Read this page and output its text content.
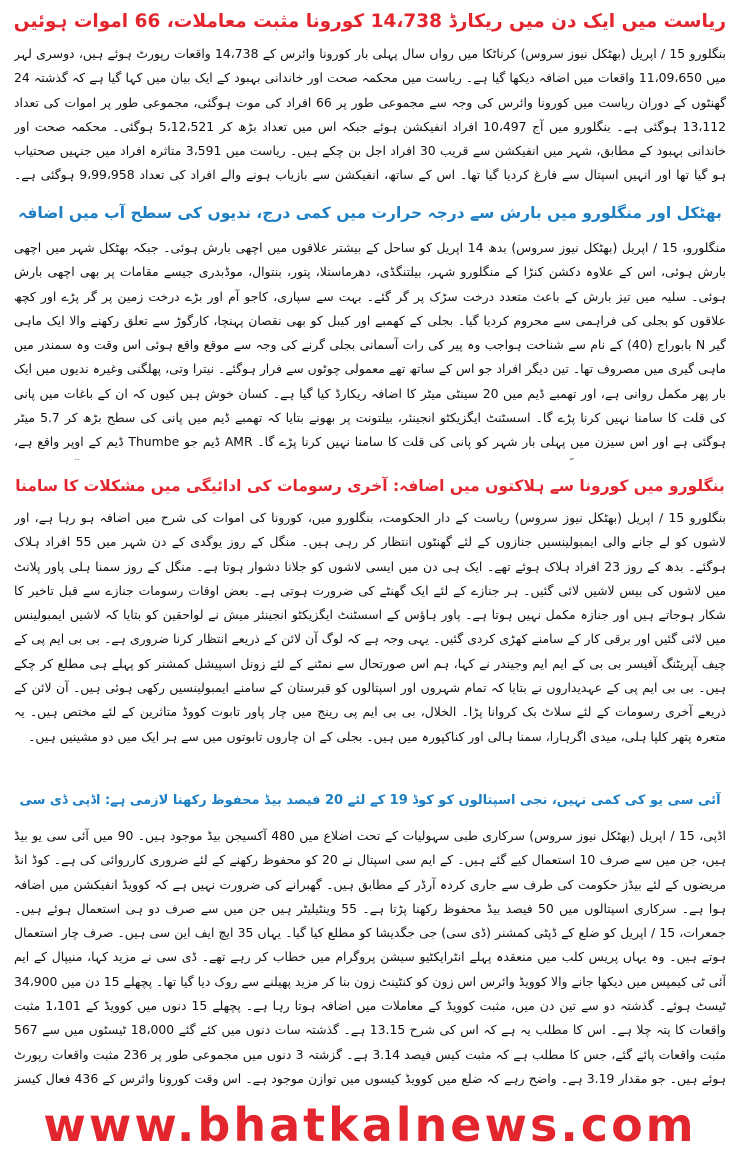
ریاست میں ایک دن میں ریکارڈ 14،738 کورونا مثبت معاملات، 66 اموات ہوئیں

بنگلورو 15 / اپریل (بھٹکل نیوز سروس) کرناٹکا میں رواں سال پہلی بار کورونا وائرس کے 14،738 واقعات رپورٹ ہوئے ہیں، دوسری لہر میں 11،09،650 واقعات میں اضافہ دیکھا گیا ہے۔ ریاست میں محکمہ صحت اور خاندانی بہبود کے ایک بیان میں کہا گیا ہے کہ گذشتہ 24 گھنٹوں کے دوران ریاست میں کورونا وائرس کی وجہ سے مجموعی طور پر 66 افراد کی موت ہوگئی، مجموعی طور پر اموات کی تعداد 13،112 ہوگئی ہے۔ بنگلورو میں آج 10،497 افراد انفیکشن ہوئے جبکہ اس میں تعداد بڑھ کر 5،12،521 ہوگئی۔ محکمہ صحت اور خاندانی بہبود کے مطابق، شہر میں انفیکشن سے قریب 30 افراد اجل بن چکے ہیں۔ ریاست میں 3،591 متاثرہ افراد میں جنہیں صحتیاب ہو گیا تھا اور انہیں اسپتال سے فارغ کردیا گیا تھا۔ اس کے ساتھ، انفیکشن سے بازیاب ہونے والے افراد کی تعداد 9،99،958 ہوگئی ہے۔

بھٹکل اور منگلورو میں بارش سے درجہ حرارت میں کمی درج، ندیوں کی سطح آب میں اضافہ

منگلورو، 15 / اپریل (بھٹکل نیوز سروس) بدھ 14 اپریل کو ساحل کے بیشتر علاقوں میں اچھی بارش ہوئی۔ جبکہ بھٹکل شہر میں اچھی بارش ہوئی، اس کے علاوہ دکشن کنڑا کے منگلورو شہر، بیلتنگڈی، دھرماستلا، پتور، بنتوال، موڈبدری جیسے مقامات پر بھی اچھی بارش ہوئی۔ سلیہ میں تیز بارش کے باعث متعدد درخت سڑک پر گر گئے۔ بہت سے سپاری، کاجو آم اور بڑے درخت زمین پر گر پڑے اور کچھ علاقوں کو بجلی کی فراہمی سے محروم کردیا گیا۔ بجلی کے کھمبے اور کیبل کو بھی نقصان پہنچا، کارگوڑ سے تعلق رکھنے والا ایک ماہی گیر N بابوراج (40) کے نام سے شناخت ہواجب وہ پیر کی رات آسمانی بجلی گرنے کی وجہ سے موقع واقع ہوئی اس وقت وہ سمندر میں ماہی گیری میں مصروف تھا۔ تین دیگر افراد جو اس کے ساتھ تھے معمولی چوٹوں سے فرار ہوگئے۔ نیترا وتی، پھلگنی وغیرہ ندیوں میں ایک بار پھر مکمل روانی ہے، اور تھمبے ڈیم میں 20 سینٹی میٹر کا اضافہ ریکارڈ کیا گیا ہے۔ کسان خوش ہیں کیوں کہ ان کے باغات میں پانی کی قلت کا سامنا نہیں کرنا پڑے گا۔ اسسٹنٹ ایگزیکٹو انجینئر، بیلتونت پر بھونے بتایا کہ تھمبے ڈیم میں پانی کی سطح بڑھ کر 5.7 میٹر ہوگئی ہے اور اس سیزن میں پہلی بار شہر کو پانی کی قلت کا سامنا نہیں کرنا پڑے گا۔ AMR ڈیم جو Thumbe ڈیم کے اوپر واقع ہے،

بنگلورو میں کورونا سے ہلاکتوں میں اضافہ: آخری رسومات کی ادائیگی میں مشکلات کا سامنا

بنگلورو 15 / اپریل (بھٹکل نیوز سروس) ریاست کے دار الحکومت، بنگلورو میں، کورونا کی اموات کی شرح میں اضافہ ہو رہا ہے، اور لاشوں کو لے جانے والی ایمبولینسیں جنازوں کے لئے گھنٹوں انتظار کر رہی ہیں۔ منگل کے روز یوگدی کے دن شہر میں 55 افراد ہلاک ہوگئے۔ بدھ کے روز 23 افراد ہلاک ہوئے تھے۔ ایک ہی دن میں ایسی لاشوں کو جلانا دشوار ہوتا ہے۔ منگل کے روز سمنا ہلی پاور پلانٹ میں لاشوں کی بیس لاشیں لائی گئیں۔ ہر جنازے کے لئے ایک گھنٹے کی ضرورت ہوتی ہے۔ بعض اوقات رسومات جنازے سے قبل تاخیر کا شکار ہوجاتے ہیں اور جنازہ مکمل نہیں ہوتا ہے۔ پاور ہاؤس کے اسسٹنٹ ایگزیکٹو انجینئر میش نے لواحقین کو بتایا کہ لاشیں ایمبولینس میں لائی گئیں اور برقی کار کے سامنے کھڑی کردی گئیں۔ یہی وجہ ہے کہ لوگ آن لائن کے ذریعے انتظار کرنا ضروری ہے۔ بی بی ایم پی کے چیف آپریٹنگ آفیسر بی بی کے ایم ایم وجیندر نے کہا، ہم اس صورتحال سے نمٹنے کے لئے زونل اسپیشل کمشنر کو پہلے ہی مطلع کر چکے ہیں۔ بی بی ایم پی کے عہدیداروں نے بتایا کہ تمام شہروں اور اسپتالوں کو قبرستان کے سامنے ایمبولینسیں رکھی ہوئی ہیں۔ آن لائن کے ذریعے آخری رسومات کے لئے سلاٹ بک کروانا پڑا۔ الخلال، بی بی ایم پی رینج میں چار پاور تابوت کووڈ متاثرین کے لئے مختص ہیں۔ یہ متعرہ پتھر کلپا ہلی، میدی اگرہارا، سمنا ہالی اور کناکپورہ میں ہیں۔ بجلی کے ان چاروں تابوتوں میں سے ہر ایک میں دو مشینیں ہیں۔

آئی سی یو کی کمی نہیں، نجی اسپتالوں کو کوڈ 19 کے لئے 20 فیصد بیڈ محفوظ رکھنا لازمی ہے: اڈپی ڈی سی

اڈپی، 15 / اپریل (بھٹکل نیوز سروس) سرکاری طبی سہولیات کے تحت اضلاع میں 480 آکسیجن بیڈ موجود ہیں۔ 90 میں آئی سی یو بیڈ ہیں، جن میں سے صرف 10 استعمال کیے گئے ہیں۔ کے ایم سی اسپتال نے 20 کو محفوظ رکھنے کے لئے ضروری کارروائی کی ہے۔ کوڈ انڈ مریضوں کے لئے بیڈز حکومت کی طرف سے جاری کردہ آرڈر کے مطابق ہیں۔ گھبرانے کی ضرورت نہیں ہے کہ کوویڈ انفیکشن میں اضافہ ہوا ہے۔ سرکاری اسپتالوں میں 50 فیصد بیڈ محفوظ رکھنا پڑتا ہے۔ 55 وینٹیلیٹر ہیں جن میں سے صرف دو ہی استعمال ہوئے ہیں۔ جمعرات، 15 / اپریل کو ضلع کے ڈپٹی کمشنر (ڈی سی) جی جگدیشا کو مطلع کیا گیا۔ یہاں 35 ایچ ایف این سی ہیں۔ صرف چار استعمال ہوتے ہیں۔ وہ یہاں پریس کلب میں منعقدہ پہلے انٹرایکٹیو سیشن پروگرام میں خطاب کر رہے تھے۔ ڈی سی نے مزید کہا، منیپال کے ایم آئی ٹی کیمپس میں دیکھا جانے والا کوویڈ وائرس اس زون کو کنٹینٹ زون بنا کر مزید پھیلنے سے روک دیا گیا تھا۔ پچھلے 15 دن میں 34،900 ٹیسٹ ہوئے۔ گذشتہ دو سے تین دن میں، مثبت کوویڈ کے معاملات میں اضافہ ہوتا رہا ہے۔ پچھلے 15 دنوں میں کوویڈ کے 1،101 مثبت واقعات کا پتہ چلا ہے۔ اس کا مطلب یہ ہے کہ اس کی شرح 13.15 ہے۔ گذشتہ سات دنوں میں کئے گئے 18،000 ٹیسٹوں میں سے 567 مثبت واقعات پائے گئے، جس کا مطلب ہے کہ مثبت کیس فیصد 3.14 ہے۔ گزشتہ 3 دنوں میں مجموعی طور پر 236 مثبت واقعات رپورٹ ہوئے ہیں۔ جو مقدار 3.19 ہے۔ واضح رہے کہ ضلع میں کوویڈ کیسوں میں توازن موجود ہے۔ اس وقت کورونا وائرس کے 436 فعال کیسز

www.bhatkalnews.com
